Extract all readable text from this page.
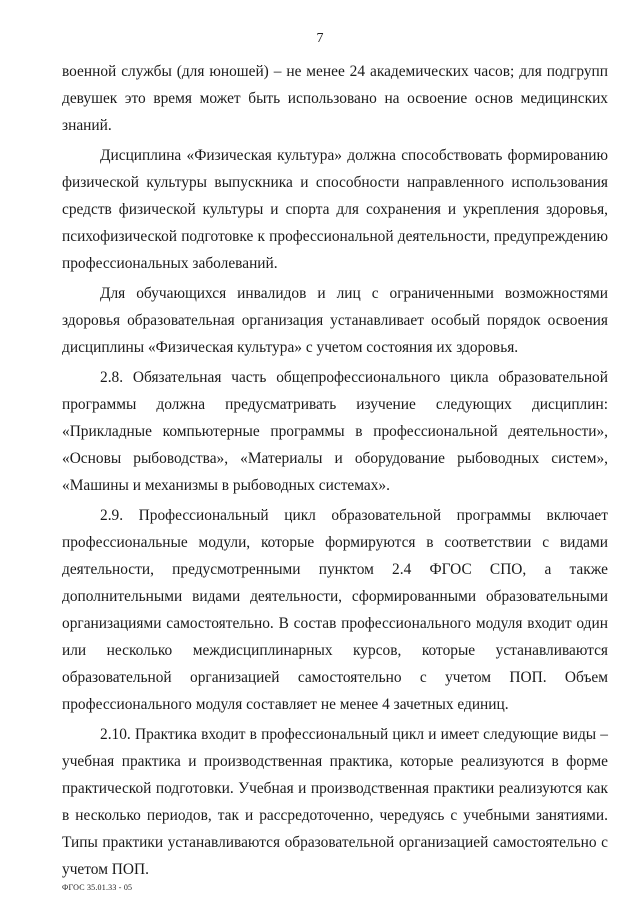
7

военной службы (для юношей) – не менее 24 академических часов; для подгрупп девушек это время может быть использовано на освоение основ медицинских знаний.

Дисциплина «Физическая культура» должна способствовать формированию физической культуры выпускника и способности направленного использования средств физической культуры и спорта для сохранения и укрепления здоровья, психофизической подготовке к профессиональной деятельности, предупреждению профессиональных заболеваний.

Для обучающихся инвалидов и лиц с ограниченными возможностями здоровья образовательная организация устанавливает особый порядок освоения дисциплины «Физическая культура» с учетом состояния их здоровья.

2.8. Обязательная часть общепрофессионального цикла образовательной программы должна предусматривать изучение следующих дисциплин: «Прикладные компьютерные программы в профессиональной деятельности», «Основы рыбоводства», «Материалы и оборудование рыбоводных систем», «Машины и механизмы в рыбоводных системах».

2.9. Профессиональный цикл образовательной программы включает профессиональные модули, которые формируются в соответствии с видами деятельности, предусмотренными пунктом 2.4 ФГОС СПО, а также дополнительными видами деятельности, сформированными образовательными организациями самостоятельно. В состав профессионального модуля входит один или несколько междисциплинарных курсов, которые устанавливаются образовательной организацией самостоятельно с учетом ПОП. Объем профессионального модуля составляет не менее 4 зачетных единиц.

2.10. Практика входит в профессиональный цикл и имеет следующие виды – учебная практика и производственная практика, которые реализуются в форме практической подготовки. Учебная и производственная практики реализуются как в несколько периодов, так и рассредоточенно, чередуясь с учебными занятиями. Типы практики устанавливаются образовательной организацией самостоятельно с учетом ПОП.

ФГОС 35.01.33 - 05
